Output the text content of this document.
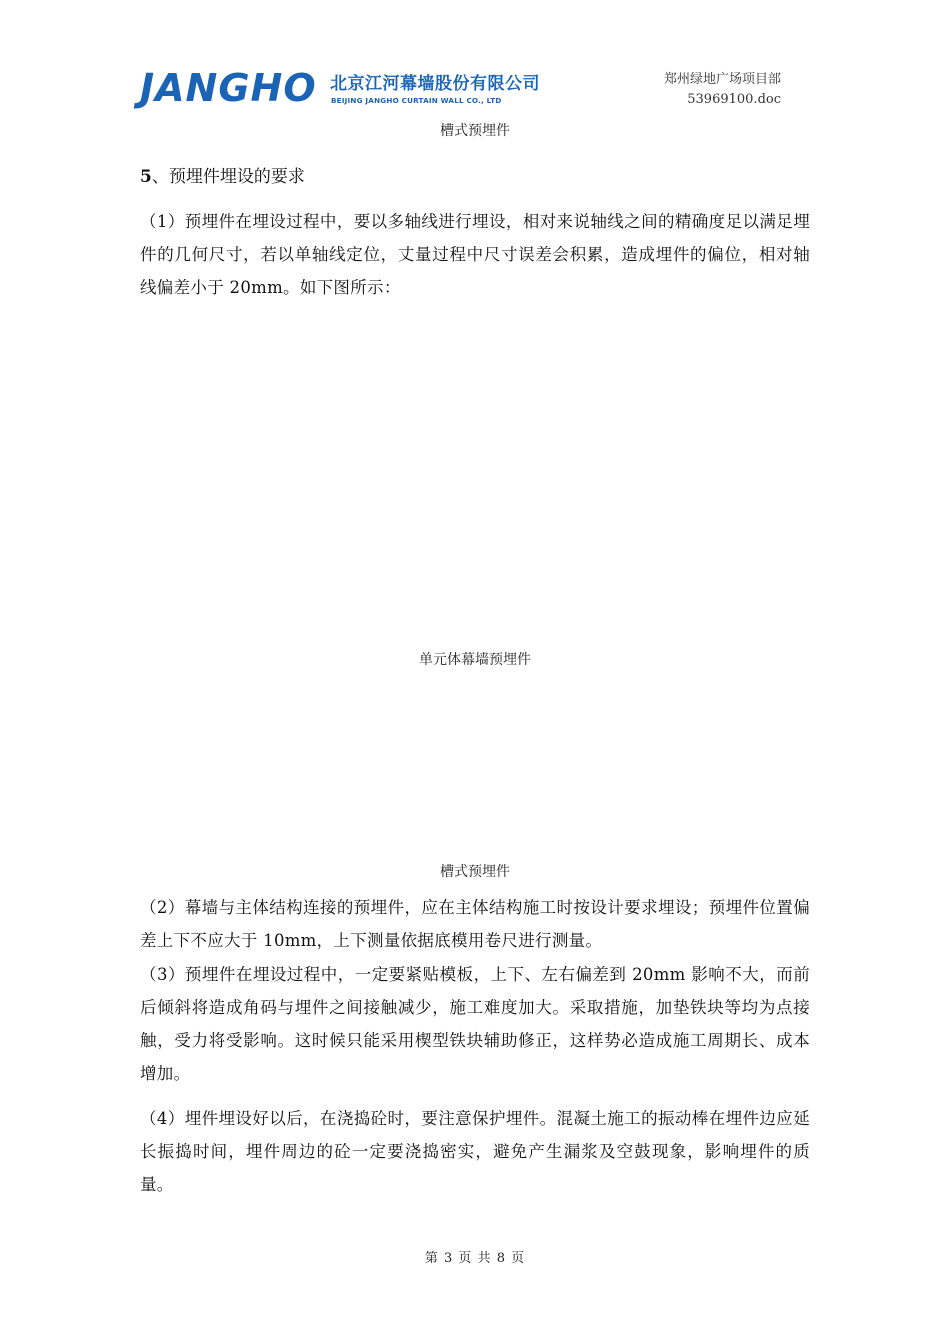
JANGHO 北京江河幕墙股份有限公司
BEIJING JANGHO CURTAIN WALL CO., LTD
郑州绿地广场项目部
53969100.doc
槽式预埋件
5、预埋件埋设的要求
（1）预埋件在埋设过程中，要以多轴线进行埋设，相对来说轴线之间的精确度足以满足埋件的几何尺寸，若以单轴线定位，丈量过程中尺寸误差会积累，造成埋件的偏位，相对轴线偏差小于 20mm。如下图所示：
单元体幕墙预埋件
槽式预埋件
（2）幕墙与主体结构连接的预埋件，应在主体结构施工时按设计要求埋设；预埋件位置偏差上下不应大于 10mm，上下测量依据底模用卷尺进行测量。
（3）预埋件在埋设过程中，一定要紧贴模板，上下、左右偏差到 20mm 影响不大，而前后倾斜将造成角码与埋件之间接触减少，施工难度加大。采取措施，加垫铁块等均为点接触，受力将受影响。这时候只能采用楔型铁块辅助修正，这样势必造成施工周期长、成本增加。
（4）埋件埋设好以后，在浇捣砼时，要注意保护埋件。混凝土施工的振动棒在埋件边应延长振捣时间，埋件周边的砼一定要浇捣密实，避免产生漏浆及空鼓现象，影响埋件的质量。
第 3 页 共 8 页
